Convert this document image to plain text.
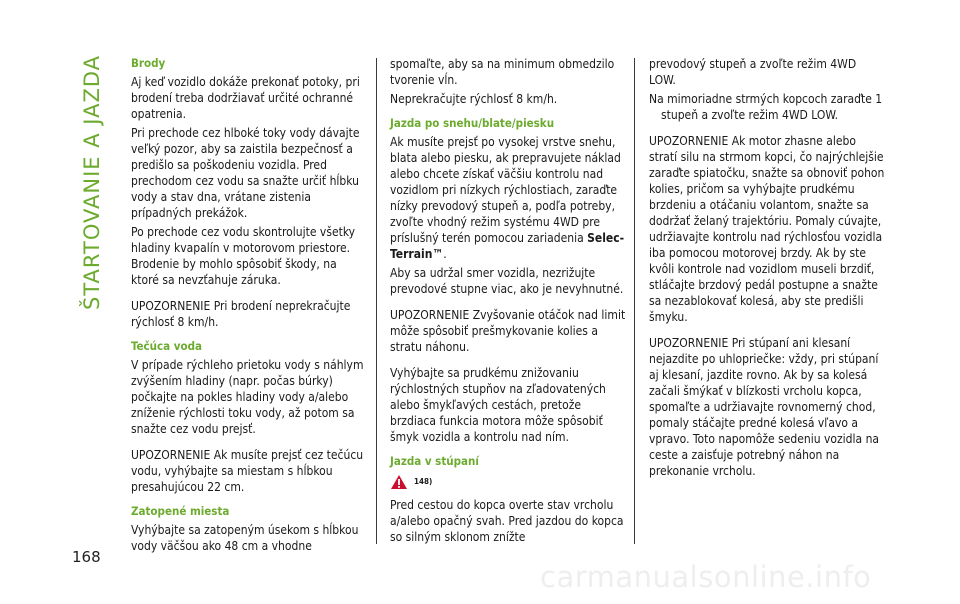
ŠTARTOVANIE A JAZDA
168
Brody

Aj keď vozidlo dokáže prekonať potoky, pri brodení treba dodržiavať určité ochranné opatrenia.

Pri prechode cez hlboké toky vody dávajte veľký pozor, aby sa zaistila bezpečnosť a predišlo sa poškodeniu vozidla. Pred prechodom cez vodu sa snažte určiť hĺbku vody a stav dna, vrátane zistenia prípadných prekážok.

Po prechode cez vodu skontrolujte všetky hladiny kvapalín v motorovom priestore. Brodenie by mohlo spôsobiť škody, na ktoré sa nevzťahuje záruka.

UPOZORNENIE Pri brodení neprekračujte rýchlosť 8 km/h.

Tečúca voda

V prípade rýchleho prietoku vody s náhlym zvýšením hladiny (napr. počas búrky) počkajte na pokles hladiny vody a/alebo zníženie rýchlosti toku vody, až potom sa snažte cez vodu prejsť.

UPOZORNENIE Ak musíte prejsť cez tečúcu vodu, vyhýbajte sa miestam s hĺbkou presahujúcou 22 cm.

Zatopené miesta

Vyhýbajte sa zatopeným úsekom s hĺbkou vody väčšou ako 48 cm a vhodne

spomaľte, aby sa na minimum obmedzilo tvorenie vĺn.

Neprekračujte rýchlosť 8 km/h.

Jazda po snehu/blate/piesku

Ak musíte prejsť po vysokej vrstve snehu, blata alebo piesku, ak prepravujete náklad alebo chcete získať väčšiu kontrolu nad vozidlom pri nízkych rýchlostiach, zaraďte nízky prevodový stupeň a, podľa potreby, zvoľte vhodný režim systému 4WD pre príslušný terén pomocou zariadenia Selec-Terrain™.

Aby sa udržal smer vozidla, nezrižujte prevodové stupne viac, ako je nevyhnutné.

UPOZORNENIE Zvyšovanie otáčok nad limit môže spôsobiť prešmykovanie kolies a stratu náhonu.

Vyhýbajte sa prudkému znižovaniu rýchlostných stupňov na zľadovatených alebo šmykľavých cestách, pretože brzdiaca funkcia motora môže spôsobiť šmyk vozidla a kontrolu nad ním.

Jazda v stúpaní
148)

Pred cestou do kopca overte stav vrcholu a/alebo opačný svah. Pred jazdou do kopca so silným sklonom znížte

prevodový stupeň a zvoľte režim 4WD LOW.

Na mimoriadne strmých kopcoch zaraďte 1 stupeň a zvoľte režim 4WD LOW.

UPOZORNENIE Ak motor zhasne alebo stratí silu na strmom kopci, čo najrýchlejšie zaraďte spiatočku, snažte sa obnoviť pohon kolies, pričom sa vyhýbajte prudkému brzdeniu a otáčaniu volantom, snažte sa dodržať želaný trajektóriu. Pomaly cúvajte, udržiavajte kontrolu nad rýchlosťou vozidla iba pomocou motorovej brzdy. Ak by ste kvôli kontrole nad vozidlom museli brzdiť, stláčajte brzdový pedál postupne a snažte sa nezablokovať kolesá, aby ste predišli šmyku.

UPOZORNENIE Pri stúpaní ani klesaní nejazdite po uhlopriečke: vždy, pri stúpaní aj klesaní, jazdite rovno. Ak by sa kolesá začali šmýkať v blízkosti vrcholu kopca, spomaľte a udržiavajte rovnomerný chod, pomaly stáčajte predné kolesá vľavo a vpravo. Toto napomôže sedeniu vozidla na ceste a zaisťuje potrebný náhon na prekonanie vrcholu.

carmanualsonline.info
